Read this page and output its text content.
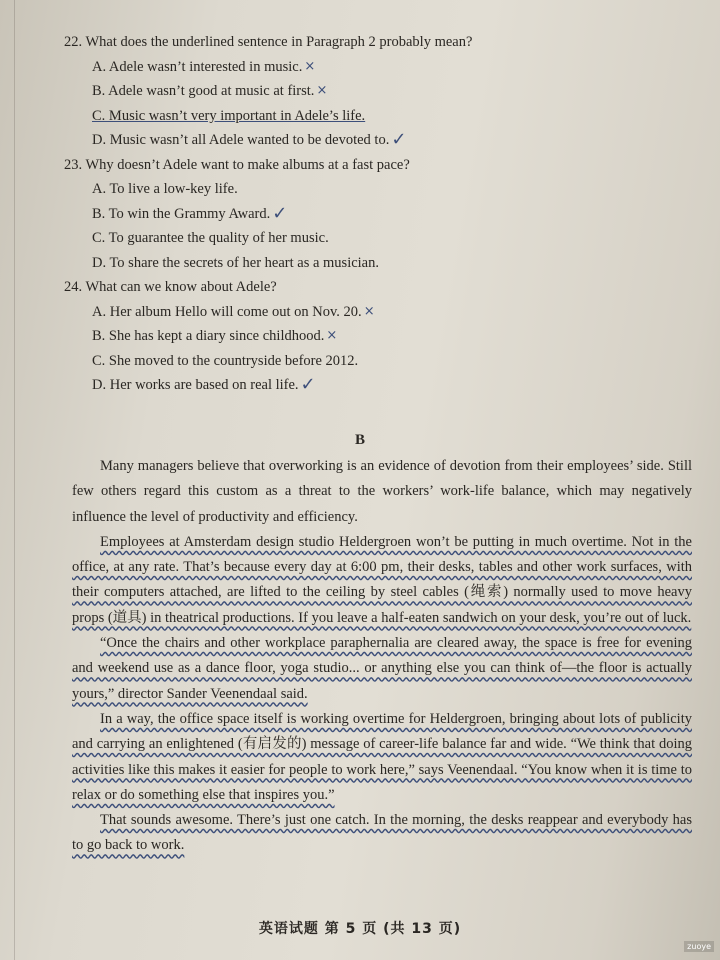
22. What does the underlined sentence in Paragraph 2 probably mean?
A. Adele wasn’t interested in music. ×
B. Adele wasn’t good at music at first. ×
C. Music wasn’t very important in Adele’s life.
D. Music wasn’t all Adele wanted to be devoted to. ✓
23. Why doesn’t Adele want to make albums at a fast pace?
A. To live a low-key life.
B. To win the Grammy Award. ✓
C. To guarantee the quality of her music.
D. To share the secrets of her heart as a musician.
24. What can we know about Adele?
A. Her album Hello will come out on Nov. 20. ×
B. She has kept a diary since childhood. ×
C. She moved to the countryside before 2012.
D. Her works are based on real life. ✓
B

Many managers believe that overworking is an evidence of devotion from their employees’ side. Still few others regard this custom as a threat to the workers’ work-life balance, which may negatively influence the level of productivity and efficiency.

Employees at Amsterdam design studio Heldergroen won’t be putting in much overtime. Not in the office, at any rate. That’s because every day at 6:00 pm, their desks, tables and other work surfaces, with their computers attached, are lifted to the ceiling by steel cables (绳索) normally used to move heavy props (道具) in theatrical productions. If you leave a half-eaten sandwich on your desk, you’re out of luck.

“Once the chairs and other workplace paraphernalia are cleared away, the space is free for evening and weekend use as a dance floor, yoga studio... or anything else you can think of—the floor is actually yours,” director Sander Veenendaal said.

In a way, the office space itself is working overtime for Heldergroen, bringing about lots of publicity and carrying an enlightened (有启发的) message of career-life balance far and wide. “We think that doing activities like this makes it easier for people to work here,” says Veenendaal. “You know when it is time to relax or do something else that inspires you.”

That sounds awesome. There’s just one catch. In the morning, the desks reappear and everybody has to go back to work.

英语试题 第 5 页 (共 13 页)
zuoye
